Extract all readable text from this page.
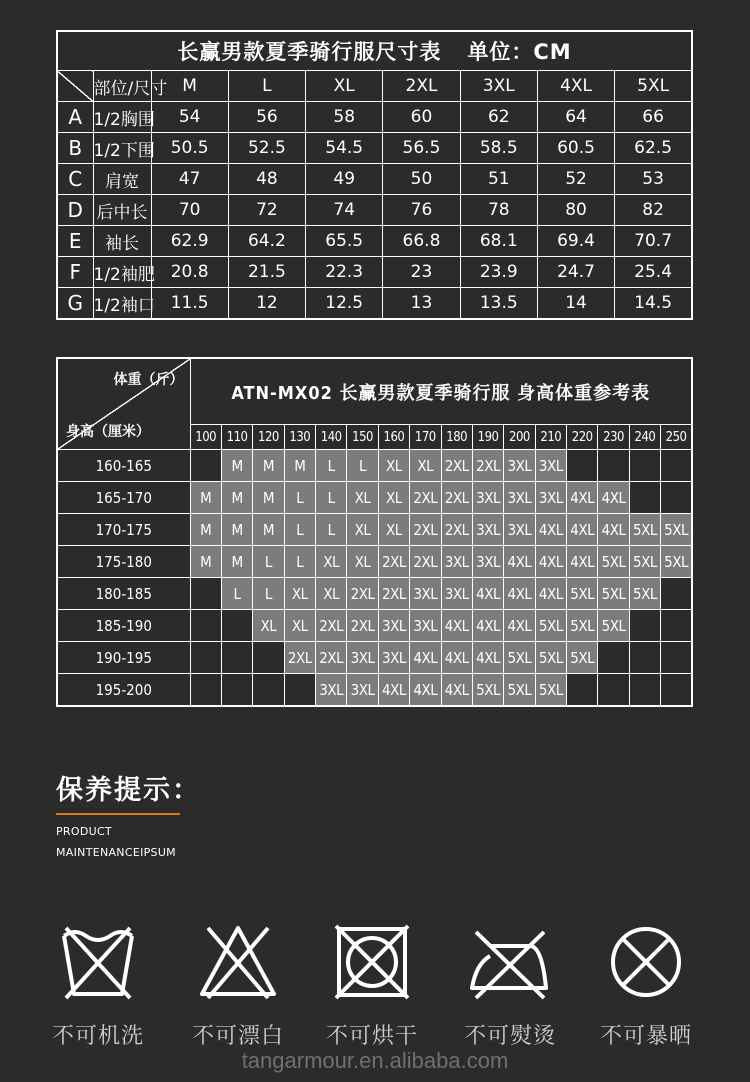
长赢男款夏季骑行服尺寸表 单位：CM								
	部位/尺寸	M	L	XL	2XL	3XL	4XL	5XL
A	1/2胸围	54	56	58	60	62	64	66
B	1/2下围	50.5	52.5	54.5	56.5	58.5	60.5	62.5
C	肩宽	47	48	49	50	51	52	53
D	后中长	70	72	74	76	78	80	82
E	袖长	62.9	64.2	65.5	66.8	68.1	69.4	70.7
F	1/2袖肥	20.8	21.5	22.3	23	23.9	24.7	25.4
G	1/2袖口	11.5	12	12.5	13	13.5	14	14.5
体重（斤）
身高（厘米）	ATN-MX02 长赢男款夏季骑行服 身高体重参考表															
	100	110	120	130	140	150	160	170	180	190	200	210	220	230	240	250
160-165		M	M	M	L	L	XL	XL	2XL	2XL	3XL	3XL				
165-170	M	M	M	L	L	XL	XL	2XL	2XL	3XL	3XL	3XL	4XL	4XL		
170-175	M	M	M	L	L	XL	XL	2XL	2XL	3XL	3XL	4XL	4XL	4XL	5XL	5XL
175-180	M	M	L	L	XL	XL	2XL	2XL	3XL	3XL	4XL	4XL	4XL	5XL	5XL	5XL
180-185		L	L	XL	XL	2XL	2XL	3XL	3XL	4XL	4XL	4XL	5XL	5XL	5XL	
185-190			XL	XL	2XL	2XL	3XL	3XL	4XL	4XL	4XL	5XL	5XL	5XL		
190-195				2XL	2XL	3XL	3XL	4XL	4XL	4XL	5XL	5XL	5XL			
195-200					3XL	3XL	4XL	4XL	4XL	5XL	5XL	5XL				
保养提示：
PRODUCT
MAINTENANCEIPSUM
不可机洗	不可漂白	不可烘干	不可熨烫	不可暴晒
tangarmour.en.alibaba.com
